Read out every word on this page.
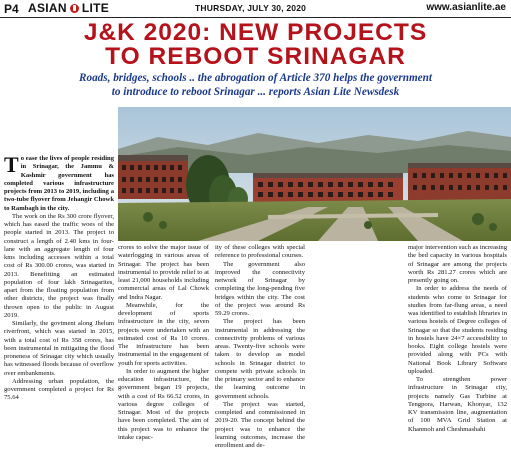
P4 ASIAN LITE	THURSDAY, JULY 30, 2020	www.asianlite.ae
J&K 2020: NEW PROJECTS
TO REBOOT SRINAGAR
Roads, bridges, schools .. the abrogation of Article 370 helps the government
to introduce to reboot Srinagar ... reports Asian Lite Newsdesk
T o ease the lives of people residing in Srinagar, the Jammu & Kashmir government has completed various infrastructure projects from 2013 to 2019, including a two-tube flyover from Jehangir Chowk to Rambagh in the city.

The work on the Rs 300 crore flyover, which has eased the traffic woes of the people started in 2013. The project to construct a length of 2.40 kms in four-lane with an aggregate length of four kms including accesses within a total cost of Rs 300.00 crores, was started in 2013. Benefitting an estimated population of four lakh Srinagarites, apart from the floating population from other districts, the project was finally thrown open to the public in August 2019.

Similarly, the govtment along Jhelum riverfront, which was started in 2015, with a total cost of Rs 358 crores, has been instrumental in mitigating the flood proneness of Srinagar city which usually has witnessed floods because of overflow over embankments.

Addressing urban population, the government completed a project for Rs 75.64

crores to solve the major issue of waterlogging in various areas of Srinagar. The project has been instrumental to provide relief to at least 21,000 households including commercial areas of Lal Chowk and Indra Nagar.

Meanwhile, for the development of sports infrastructure in the city, seven projects were undertaken with an estimated cost of Rs 10 crores. The infrastructure has been instrumental in the engagement of youth for sports activities.

In order to augment the higher education infrastructure, the government began 19 projects, with a cost of Rs 66.52 crores, in various degree colleges of Srinagar. Most of the projects have been completed. The aim of this project was to enhance the intake capac-

ity of these colleges with special reference to professional courses.

The government also improved the connectivity network of Srinagar by completing the long-pending five bridges within the city. The cost of the project was around Rs 59.29 crores.

The project has been instrumental in addressing the connectivity problems of various areas. Twenty-five schools were taken to develop as model schools in Srinagar district to compete with private schools in the primary sector and to enhance the learning outcome in government schools.

The project was started, completed and commissioned in 2019-20. The concept behind the project was to enhance the learning outcomes, increase the enrollment and de-

major intervention such as increasing the bed capacity in various hospitals of Srinagar are among the projects worth Rs 281.27 crores which are presently going on.

In order to address the needs of students who come to Srinagar for studies from far-flung areas, a need was identified to establish libraries in various hostels of Degree colleges of Srinagar so that the students residing in hostels have 24×7 accessibility to books. Eight college hostels were provided along with PCs with National Book Library Software uploaded.

To strengthen power infrastructure in Srinagar city, projects namely Gas Turbine at Tengpora, Harwan, Khonyar, 132 KV transmission line, augmentation of 100 MVA Grid Station at Khanmoh and Cheshmashahi
